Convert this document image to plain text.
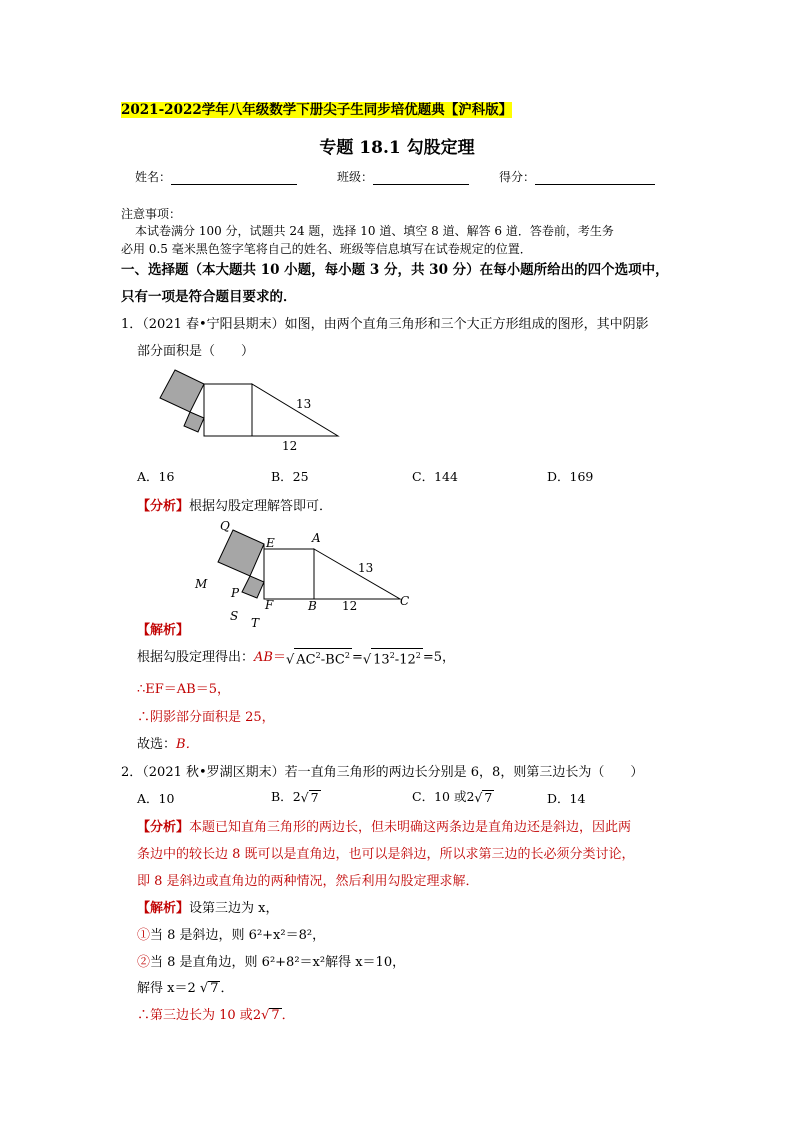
2021-2022学年八年级数学下册尖子生同步培优题典【沪科版】
专题 18.1 勾股定理
姓名：	班级：	得分：
注意事项：
本试卷满分 100 分，试题共 24 题，选择 10 道、填空 8 道、解答 6 道．答卷前，考生务
必用 0.5 毫米黑色签字笔将自己的姓名、班级等信息填写在试卷规定的位置．
一、选择题（本大题共 10 小题，每小题 3 分，共 30 分）在每小题所给出的四个选项中，
只有一项是符合题目要求的．
1．（2021 春•宁阳县期末）如图，由两个直角三角形和三个大正方形组成的图形，其中阴影
部分面积是（　　）
13
12
A．16	B．25	C．144	D．169
【分析】根据勾股定理解答即可．
Q
E	A
M
P
F	B	C
S T
13
12
【解析】
根据勾股定理得出：AB＝√ $AC^2-BC^2$ =√ $13^2-12^2 =5$，
∴EF＝AB＝5，
∴阴影部分面积是 25，
故选：B．
2．（2021 秋•罗湖区期末）若一直角三角形的两边长分别是 6，8，则第三边长为（　　）
A．10	B．2√ 7	C．10 或2√ 7	D．14
【分析】本题已知直角三角形的两边长，但未明确这两条边是直角边还是斜边，因此两
条边中的较长边 8 既可以是直角边，也可以是斜边，所以求第三边的长必须分类讨论，
即 8 是斜边或直角边的两种情况，然后利用勾股定理求解．
【解析】设第三边为 x，
①当 8 是斜边，则 6²+x²＝8²，
②当 8 是直角边，则 6²+8²＝x²解得 x＝10，
解得 x＝2 √ 7 ．
∴第三边长为 10 或2√ 7 ．
